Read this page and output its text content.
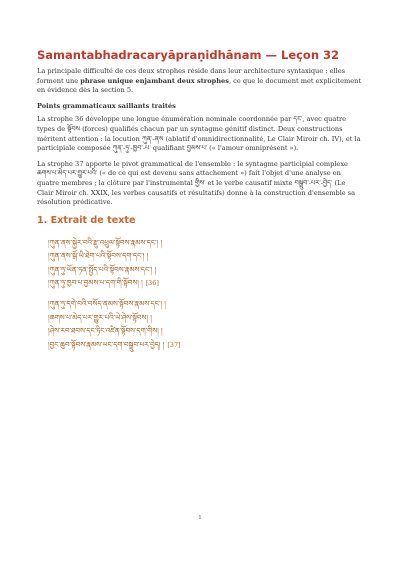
Samantabhadracaryāpraṇidhānam — Leçon 32

La principale difficulté de ces deux strophes réside dans leur architecture syntaxique : elles forment une phrase unique enjambant deux strophes, ce que le document met explicitement en évidence dès la section 5.

Points grammaticaux saillants traités

La strophe 36 développe une longue énumération nominale coordonnée par དང་, avec quatre types de སྟོབས (forces) qualifiés chacun par un syntagme génitif distinct. Deux constructions méritent attention : la locution ཀུན་-ནས (ablatif d'omnidirectionnalité, Le Clair Miroir ch. IV), et la participiale composée ཀུན་-ཏུ་-ཁྱབ་-པ་ qualifiant བྱམས་པ་ (« l'amour omniprésent »).

La strophe 37 apporte le pivot grammatical de l'ensemble : le syntagme participial complexe ཆགས་པ་མེད་པར་གྱུར་པའི་ (« de ce qui est devenu sans attachement ») fait l'objet d'une analyse en quatre membres ; la clôture par l'instrumental གྱིས་ et le verbe causatif mixte བསྒྲུབ་-པར་-བྱེད་ (Le Clair Miroir ch. XXIX, les verbes causatifs et résultatifs) donne à la construction d'ensemble sa résolution prédicative.

1. Extrait de texte
།ཀུན་ནས་སྐྱེར་བའི་རྫུ་འཕྲུལ་སྟོབས་རྣམས་དང་། །
།ཀུན་ནས་སྒོ་ཡི་ཐེག་པའི་སྟོབས་དག་དང་། །
།ཀུན་ཏུ་ཡོན་ཏན་སྤྱོད་པའི་སྟོབས་རྣམས་དང་། །
།ཀུན་ཏུ་ཁྱབ་པ་བྱམས་པ་དག་གི་སྟོབས། ། [36]
།ཀུན་ཏུ་དགེ་བའི་བསོད་ནམས་སྟོབས་རྣམས་དང་། །
།ཆགས་པ་མེད་པར་གྱུར་པའི་ཡེ་ཤེས་སྟོབས། །
།ཤེས་རབ་ཐབས་དང་ཏིང་འཛིན་སྟོབས་དག་གིས། །
།བྱང་ཆུབ་སྟོབས་རྣམས་ཡང་དག་བསྒྲུབ་པར་བྱེད། ། [37]
1
